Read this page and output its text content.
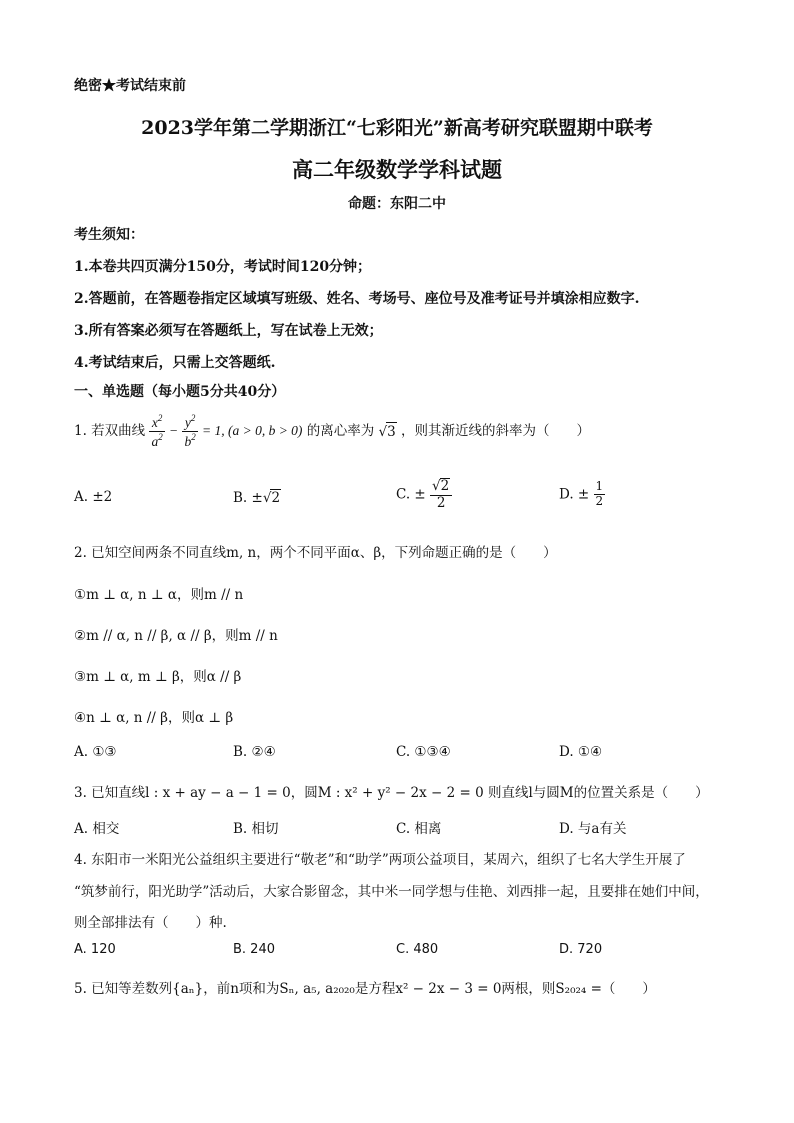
绝密★考试结束前
2023学年第二学期浙江“七彩阳光”新高考研究联盟期中联考
高二年级数学学科试题
命题：东阳二中
考生须知：
1.本卷共四页满分150分，考试时间120分钟；
2.答题前，在答题卷指定区域填写班级、姓名、考场号、座位号及准考证号并填涂相应数字.
3.所有答案必须写在答题纸上，写在试卷上无效；
4.考试结束后，只需上交答题纸.
一、单选题（每小题5分共40分）
1. 若双曲线 $\frac{x^2}{a^2} - \frac{y^2}{b^2} = 1$, (a > 0, b > 0) 的离心率为 √3 ，则其渐近线的斜率为（　　）
A. ±2	B. ±√2	C. ± $\frac{√2}{2}$	D. ± $\frac{1}{2}$
2. 已知空间两条不同直线m, n，两个不同平面α、β，下列命题正确的是（　　）
①m ⊥ α, n ⊥ α，则m // n
②m // α, n // β, α // β，则m // n
③m ⊥ α, m ⊥ β，则α // β
④n ⊥ α, n // β，则α ⊥ β
A. ①③	B. ②④	C. ①③④	D. ①④
3. 已知直线l : x + ay − a − 1 = 0，圆M : x² + y² − 2x − 2 = 0 则直线l与圆M的位置关系是（　　）
A. 相交	B. 相切	C. 相离	D. 与a有关
4. 东阳市一米阳光公益组织主要进行“敬老”和“助学”两项公益项目，某周六，组织了七名大学生开展了
“筑梦前行，阳光助学”活动后，大家合影留念，其中米一同学想与佳艳、刘西排一起，且要排在她们中间，
则全部排法有（　　）种.
A. 120	B. 240	C. 480	D. 720
5. 已知等差数列{aₙ}，前n项和为Sₙ, a₅, a₂₀₂₀是方程x² − 2x − 3 = 0两根，则S₂₀₂₄ =（　　）
